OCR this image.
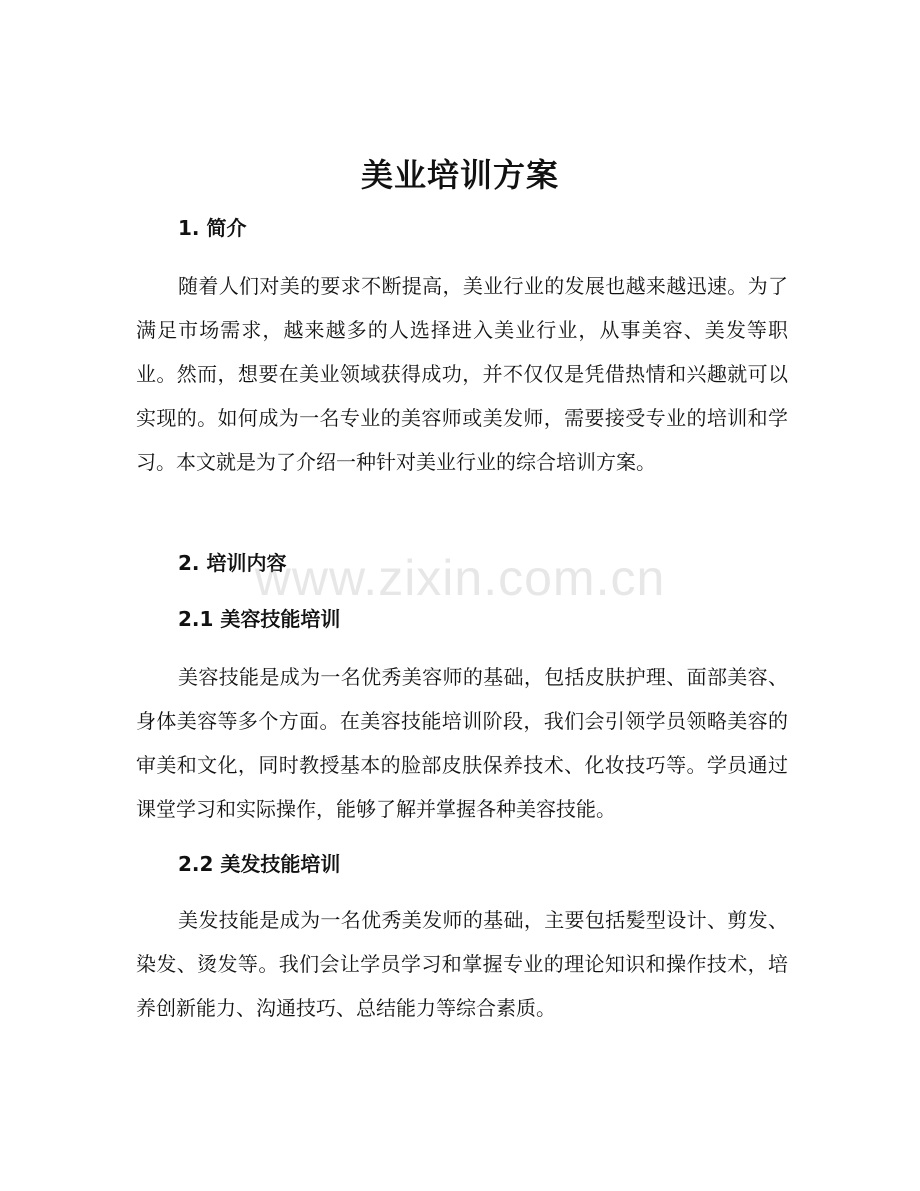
美业培训方案
1. 简介
随着人们对美的要求不断提高，美业行业的发展也越来越迅速。为了满足市场需求，越来越多的人选择进入美业行业，从事美容、美发等职业。然而，想要在美业领域获得成功，并不仅仅是凭借热情和兴趣就可以实现的。如何成为一名专业的美容师或美发师，需要接受专业的培训和学习。本文就是为了介绍一种针对美业行业的综合培训方案。
2. 培训内容
2.1 美容技能培训
美容技能是成为一名优秀美容师的基础，包括皮肤护理、面部美容、身体美容等多个方面。在美容技能培训阶段，我们会引领学员领略美容的审美和文化，同时教授基本的脸部皮肤保养技术、化妆技巧等。学员通过课堂学习和实际操作，能够了解并掌握各种美容技能。
2.2 美发技能培训
美发技能是成为一名优秀美发师的基础，主要包括髪型设计、剪发、染发、烫发等。我们会让学员学习和掌握专业的理论知识和操作技术，培养创新能力、沟通技巧、总结能力等综合素质。
www.zixin.com.cn
